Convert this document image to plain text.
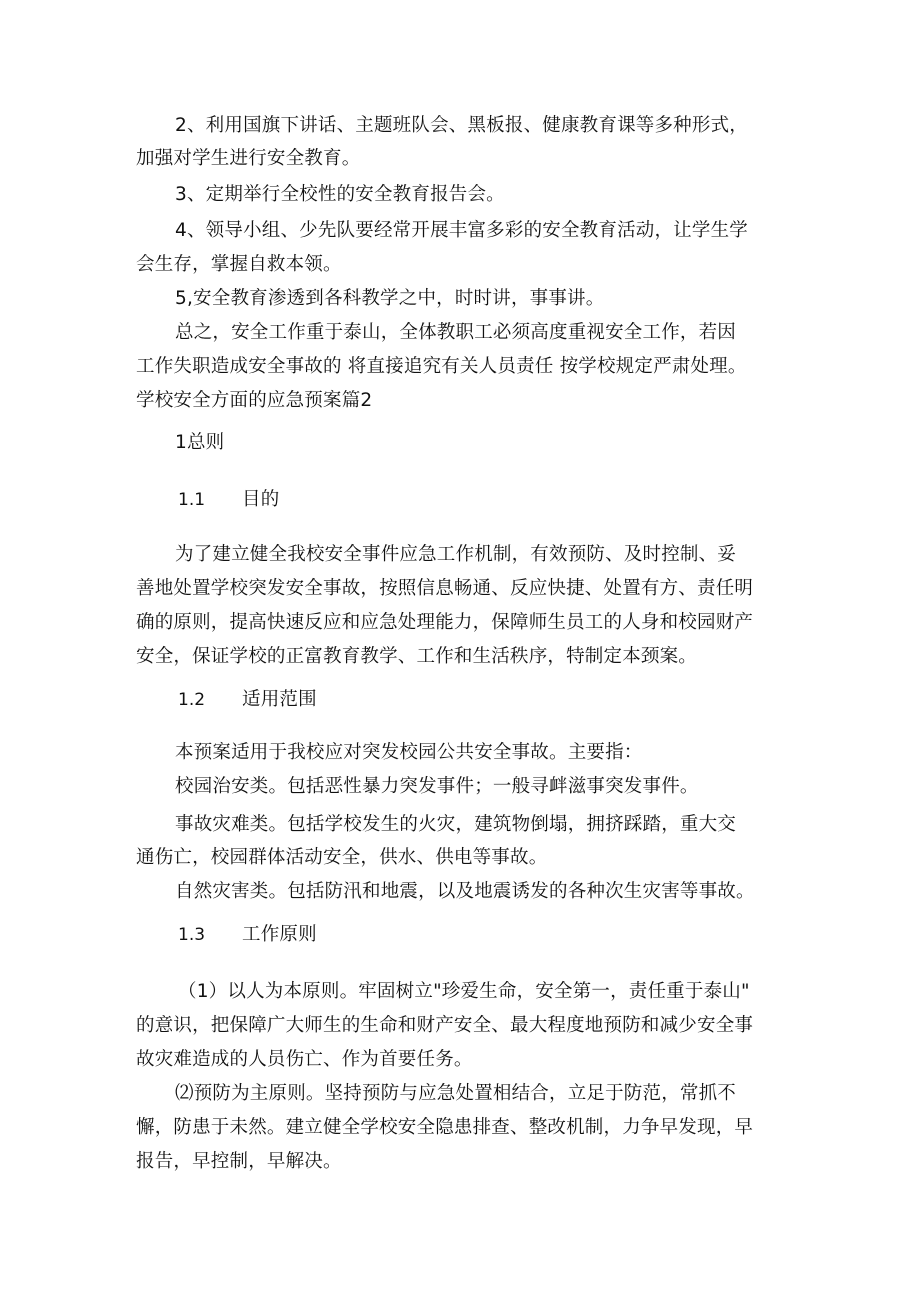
2、利用国旗下讲话、主题班队会、黑板报、健康教育课等多种形式，

加强对学生进行安全教育。

3、定期举行全校性的安全教育报告会。

4、领导小组、少先队要经常开展丰富多彩的安全教育活动，让学生学

会生存，掌握自救本领。

5,安全教育渗透到各科教学之中，时时讲，事事讲。

总之，安全工作重于泰山，全体教职工必须高度重视安全工作，若因

工作失职造成安全事故的 将直接追究有关人员责任 按学校规定严肃处理。

学校安全方面的应急预案篇2

1总则

1.1 目的

为了建立健全我校安全事件应急工作机制，有效预防、及时控制、妥

善地处置学校突发安全事故，按照信息畅通、反应快捷、处置有方、责任明

确的原则，提高快速反应和应急处理能力，保障师生员工的人身和校园财产

安全，保证学校的正富教育教学、工作和生活秩序，特制定本颈案。

1.2 适用范围

本预案适用于我校应对突发校园公共安全事故。主要指：

校园治安类。包括恶性暴力突发事件；一般寻衅滋事突发事件。

事故灾难类。包括学校发生的火灾，建筑物倒塌，拥挤踩踏，重大交

通伤亡，校园群体活动安全，供水、供电等事故。

自然灾害类。包括防汛和地震，以及地震诱发的各种次生灾害等事故。

1.3 工作原则

（1）以人为本原则。牢固树立"珍爱生命，安全第一，责任重于泰山"

的意识，把保障广大师生的生命和财产安全、最大程度地预防和减少安全事

故灾难造成的人员伤亡、作为首要任务。

⑵预防为主原则。坚持预防与应急处置相结合，立足于防范，常抓不

懈，防患于未然。建立健全学校安全隐患排查、整改机制，力争早发现，早

报告，早控制，早解决。
